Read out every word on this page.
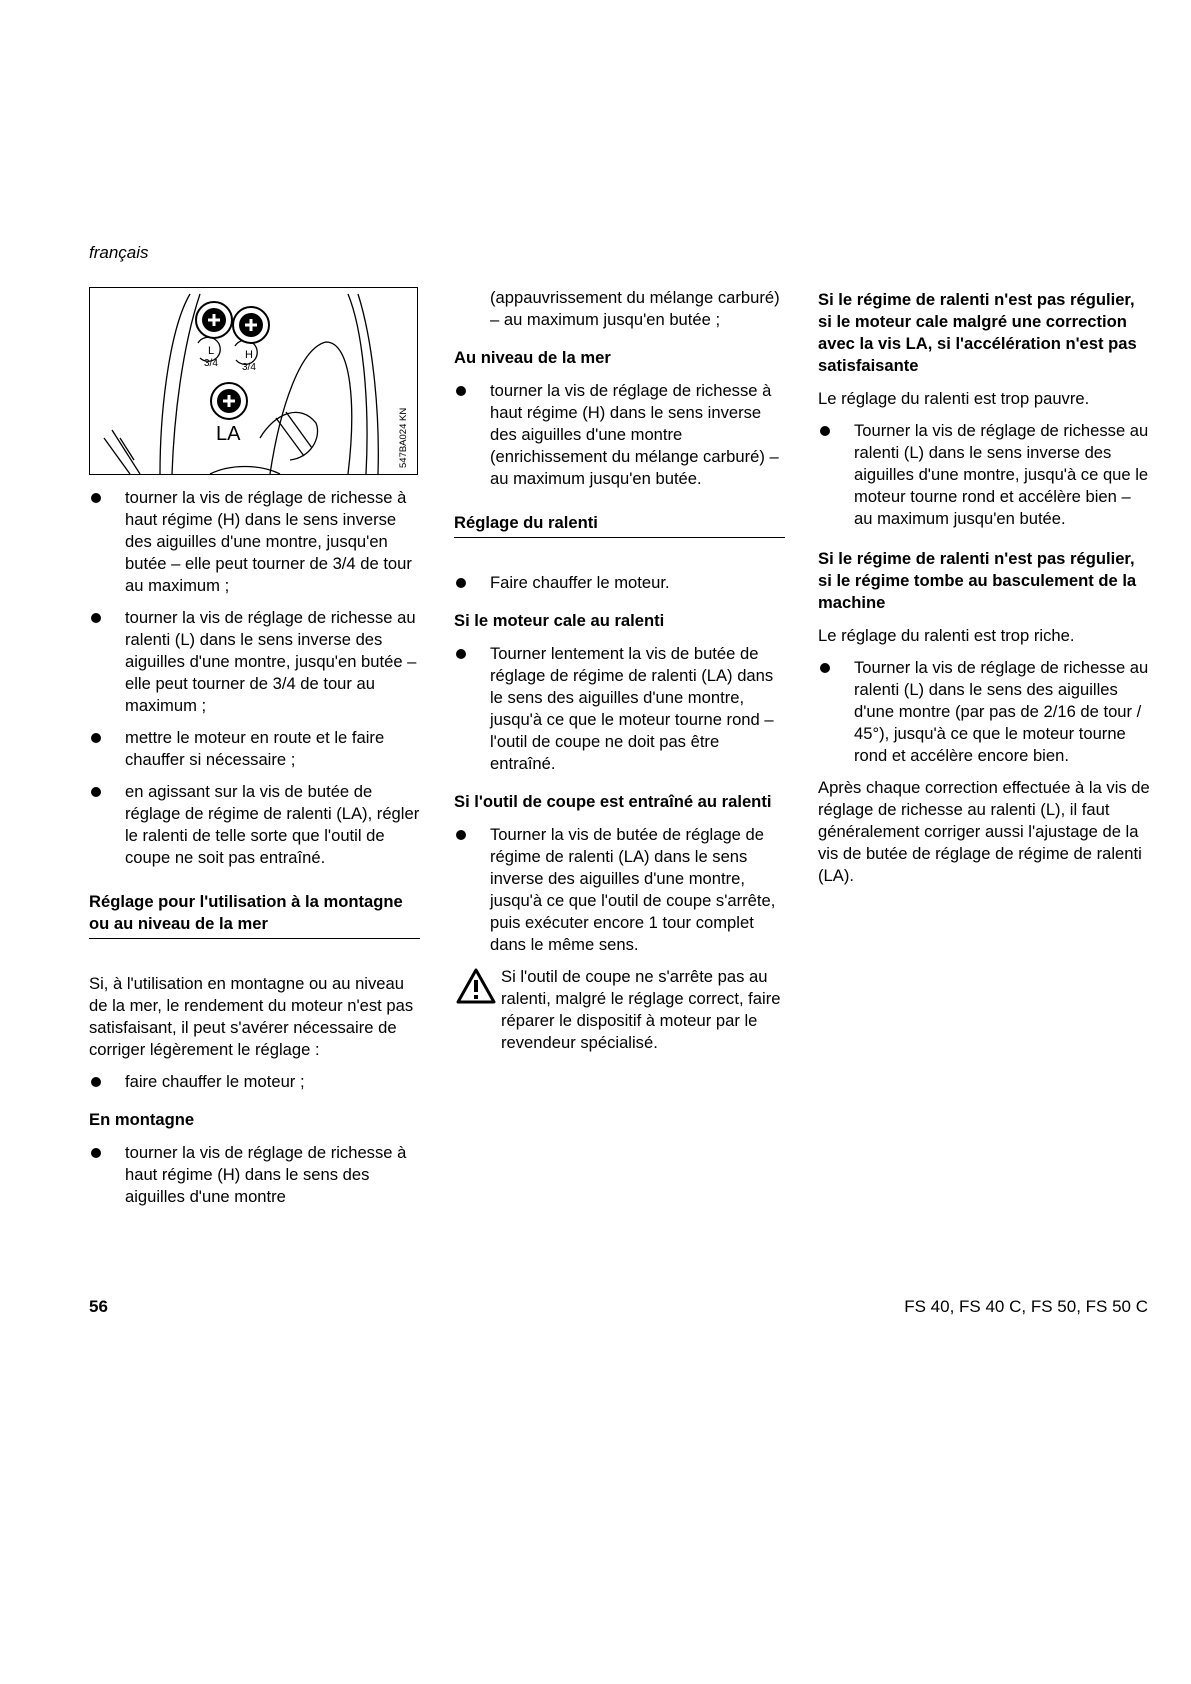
français
L
3/4
H
3/4
LA	547BA024 KN
tourner la vis de réglage de richesse à haut régime (H) dans le sens inverse des aiguilles d'une montre, jusqu'en butée – elle peut tourner de 3/4 de tour au maximum ;
tourner la vis de réglage de richesse au ralenti (L) dans le sens inverse des aiguilles d'une montre, jusqu'en butée – elle peut tourner de 3/4 de tour au maximum ;
mettre le moteur en route et le faire chauffer si nécessaire ;
en agissant sur la vis de butée de réglage de régime de ralenti (LA), régler le ralenti de telle sorte que l'outil de coupe ne soit pas entraîné.
Réglage pour l'utilisation à la montagne ou au niveau de la mer

Si, à l'utilisation en montagne ou au niveau de la mer, le rendement du moteur n'est pas satisfaisant, il peut s'avérer nécessaire de corriger légèrement le réglage :

faire chauffer le moteur ;
En montagne
tourner la vis de réglage de richesse à haut régime (H) dans le sens des aiguilles d'une montre

(appauvrissement du mélange carburé) – au maximum jusqu'en butée ;

Au niveau de la mer
tourner la vis de réglage de richesse à haut régime (H) dans le sens inverse des aiguilles d'une montre (enrichissement du mélange carburé) – au maximum jusqu'en butée.
Réglage du ralenti
Faire chauffer le moteur.
Si le moteur cale au ralenti
Tourner lentement la vis de butée de réglage de régime de ralenti (LA) dans le sens des aiguilles d'une montre, jusqu'à ce que le moteur tourne rond – l'outil de coupe ne doit pas être entraîné.
Si l'outil de coupe est entraîné au ralenti
Tourner la vis de butée de réglage de régime de ralenti (LA) dans le sens inverse des aiguilles d'une montre, jusqu'à ce que l'outil de coupe s'arrête, puis exécuter encore 1 tour complet dans le même sens.
Si l'outil de coupe ne s'arrête pas au ralenti, malgré le réglage correct, faire réparer le dispositif à moteur par le revendeur spécialisé.
Si le régime de ralenti n'est pas régulier, si le moteur cale malgré une correction avec la vis LA, si l'accélération n'est pas satisfaisante

Le réglage du ralenti est trop pauvre.

Tourner la vis de réglage de richesse au ralenti (L) dans le sens inverse des aiguilles d'une montre, jusqu'à ce que le moteur tourne rond et accélère bien – au maximum jusqu'en butée.
Si le régime de ralenti n'est pas régulier, si le régime tombe au basculement de la machine

Le réglage du ralenti est trop riche.

Tourner la vis de réglage de richesse au ralenti (L) dans le sens des aiguilles d'une montre (par pas de 2/16 de tour / 45°), jusqu'à ce que le moteur tourne rond et accélère encore bien.

Après chaque correction effectuée à la vis de réglage de richesse au ralenti (L), il faut généralement corriger aussi l'ajustage de la vis de butée de réglage de régime de ralenti (LA).

56	FS 40, FS 40 C, FS 50, FS 50 C
